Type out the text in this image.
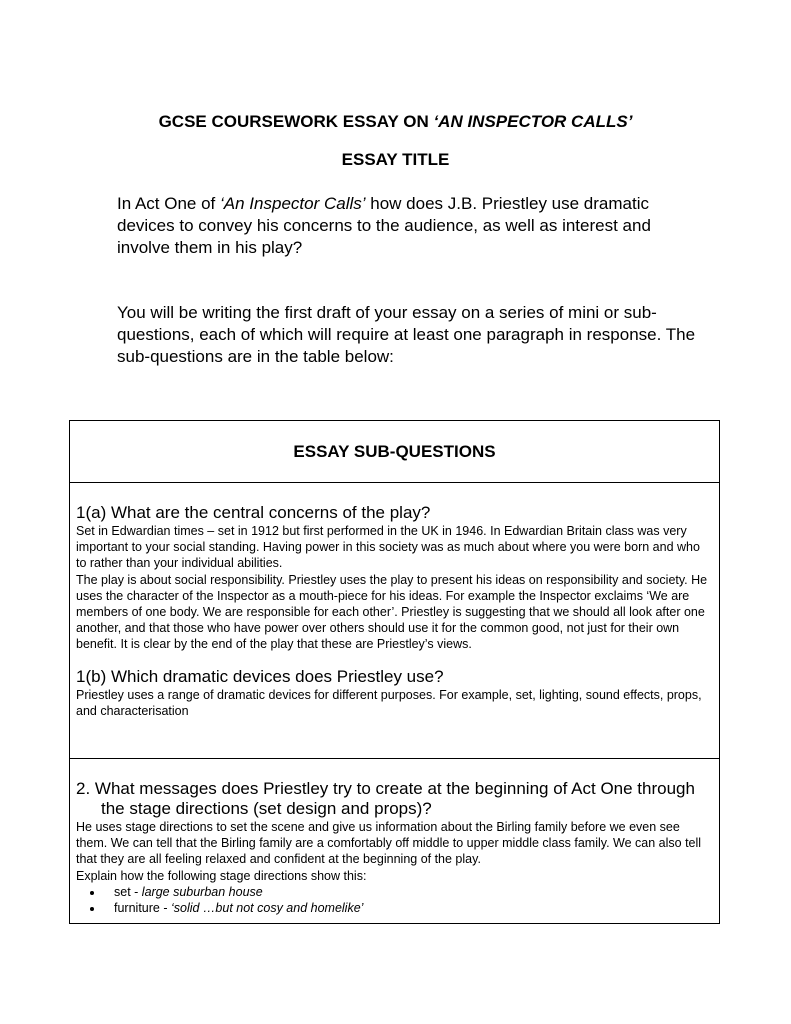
GCSE COURSEWORK ESSAY ON ‘AN INSPECTOR CALLS’
ESSAY TITLE

In Act One of ‘An Inspector Calls’ how does J.B. Priestley use dramatic devices to convey his concerns to the audience, as well as interest and involve them in his play?

You will be writing the first draft of your essay on a series of mini or sub-questions, each of which will require at least one paragraph in response. The sub-questions are in the table below:

ESSAY SUB-QUESTIONS

1(a) What are the central concerns of the play?

Set in Edwardian times – set in 1912 but first performed in the UK in 1946. In Edwardian Britain class was very important to your social standing. Having power in this society was as much about where you were born and who to rather than your individual abilities.

The play is about social responsibility. Priestley uses the play to present his ideas on responsibility and society. He uses the character of the Inspector as a mouth-piece for his ideas. For example the Inspector exclaims ‘We are members of one body. We are responsible for each other’. Priestley is suggesting that we should all look after one another, and that those who have power over others should use it for the common good, not just for their own benefit. It is clear by the end of the play that these are Priestley’s views.

1(b) Which dramatic devices does Priestley use?

Priestley uses a range of dramatic devices for different purposes. For example, set, lighting, sound effects, props, and characterisation

2. What messages does Priestley try to create at the beginning of Act One through the stage directions (set design and props)?

He uses stage directions to set the scene and give us information about the Birling family before we even see them. We can tell that the Birling family are a comfortably off middle to upper middle class family. We can also tell that they are all feeling relaxed and confident at the beginning of the play.

Explain how the following stage directions show this:

• set - large suburban house
• furniture - ‘solid …but not cosy and homelike’
